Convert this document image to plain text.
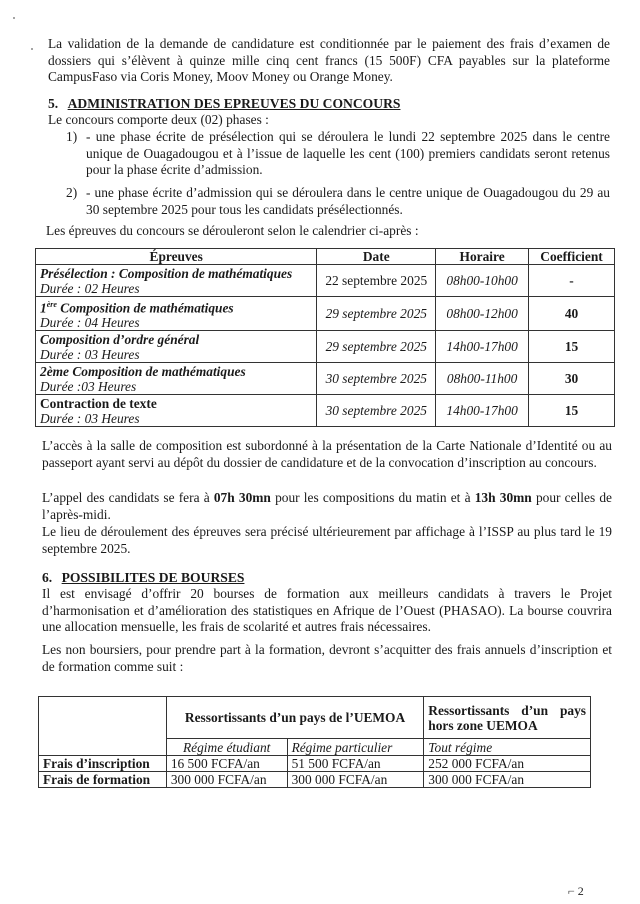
La validation de la demande de candidature est conditionnée par le paiement des frais d’examen de dossiers qui s’élèvent à quinze mille cinq cent francs (15 500F) CFA payables sur la plateforme CampusFaso via Coris Money, Moov Money ou Orange Money.
5. ADMINISTRATION DES EPREUVES DU CONCOURS
Le concours comporte deux (02) phases :
1) - une phase écrite de présélection qui se déroulera le lundi 22 septembre 2025 dans le centre unique de Ouagadougou et à l’issue de laquelle les cent (100) premiers candidats seront retenus pour la phase écrite d’admission.
2) - une phase écrite d’admission qui se déroulera dans le centre unique de Ouagadougou du 29 au 30 septembre 2025 pour tous les candidats présélectionnés.
Les épreuves du concours se dérouleront selon le calendrier ci-après :
Épreuves	Date	Horaire	Coefficient

Présélection : Composition de mathématiques
Durée : 02 Heures	22 septembre 2025	08h00-10h00	-

1ère Composition de mathématiques
Durée : 04 Heures	29 septembre 2025	08h00-12h00	40

Composition d’ordre général
Durée : 03 Heures	29 septembre 2025	14h00-17h00	15

2ème Composition de mathématiques
Durée :03 Heures	30 septembre 2025	08h00-11h00	30

Contraction de texte
Durée : 03 Heures	30 septembre 2025	14h00-17h00	15
L’accès à la salle de composition est subordonné à la présentation de la Carte Nationale d’Identité ou au passeport ayant servi au dépôt du dossier de candidature et de la convocation d’inscription au concours.
L’appel des candidats se fera à 07h 30mn pour les compositions du matin et à 13h 30mn pour celles de l’après-midi.
Le lieu de déroulement des épreuves sera précisé ultérieurement par affichage à l’ISSP au plus tard le 19 septembre 2025.
6. POSSIBILITES DE BOURSES
Il est envisagé d’offrir 20 bourses de formation aux meilleurs candidats à travers le Projet d’harmonisation et d’amélioration des statistiques en Afrique de l’Ouest (PHASAO). La bourse couvrira une allocation mensuelle, les frais de scolarité et autres frais nécessaires.
Les non boursiers, pour prendre part à la formation, devront s’acquitter des frais annuels d’inscription et de formation comme suit :
	Ressortissants d’un pays de l’UEMOA		Ressortissants d’un pays hors zone UEMOA
	Régime étudiant	Régime particulier	Tout régime
Frais d’inscription	16 500 FCFA/an	51 500 FCFA/an	252 000 FCFA/an
Frais de formation	300 000 FCFA/an	300 000 FCFA/an	300 000 FCFA/an
⌐ 2
